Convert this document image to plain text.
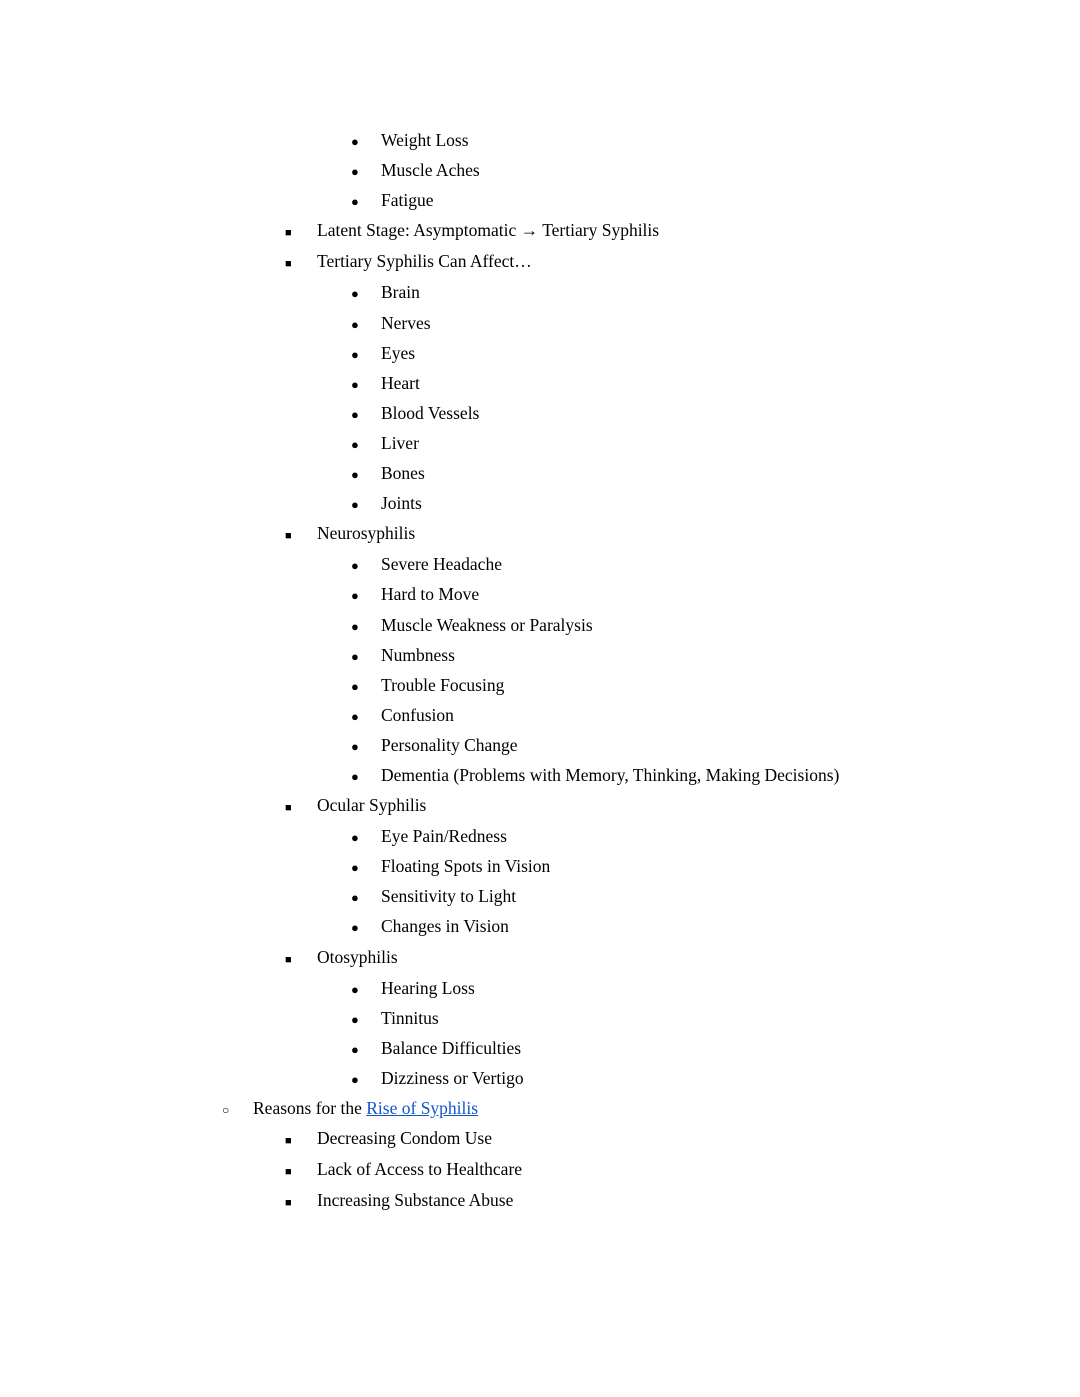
●	Weight Loss
●	Muscle Aches
●	Fatigue
■	Latent Stage: Asymptomatic → Tertiary Syphilis
■	Tertiary Syphilis Can Affect…
●	Brain
●	Nerves
●	Eyes
●	Heart
●	Blood Vessels
●	Liver
●	Bones
●	Joints
■	Neurosyphilis
●	Severe Headache
●	Hard to Move
●	Muscle Weakness or Paralysis
●	Numbness
●	Trouble Focusing
●	Confusion
●	Personality Change
●	Dementia (Problems with Memory, Thinking, Making Decisions)
■	Ocular Syphilis
●	Eye Pain/Redness
●	Floating Spots in Vision
●	Sensitivity to Light
●	Changes in Vision
■	Otosyphilis
●	Hearing Loss
●	Tinnitus
●	Balance Difficulties
●	Dizziness or Vertigo
○	Reasons for the Rise of Syphilis
■	Decreasing Condom Use
■	Lack of Access to Healthcare
■	Increasing Substance Abuse
